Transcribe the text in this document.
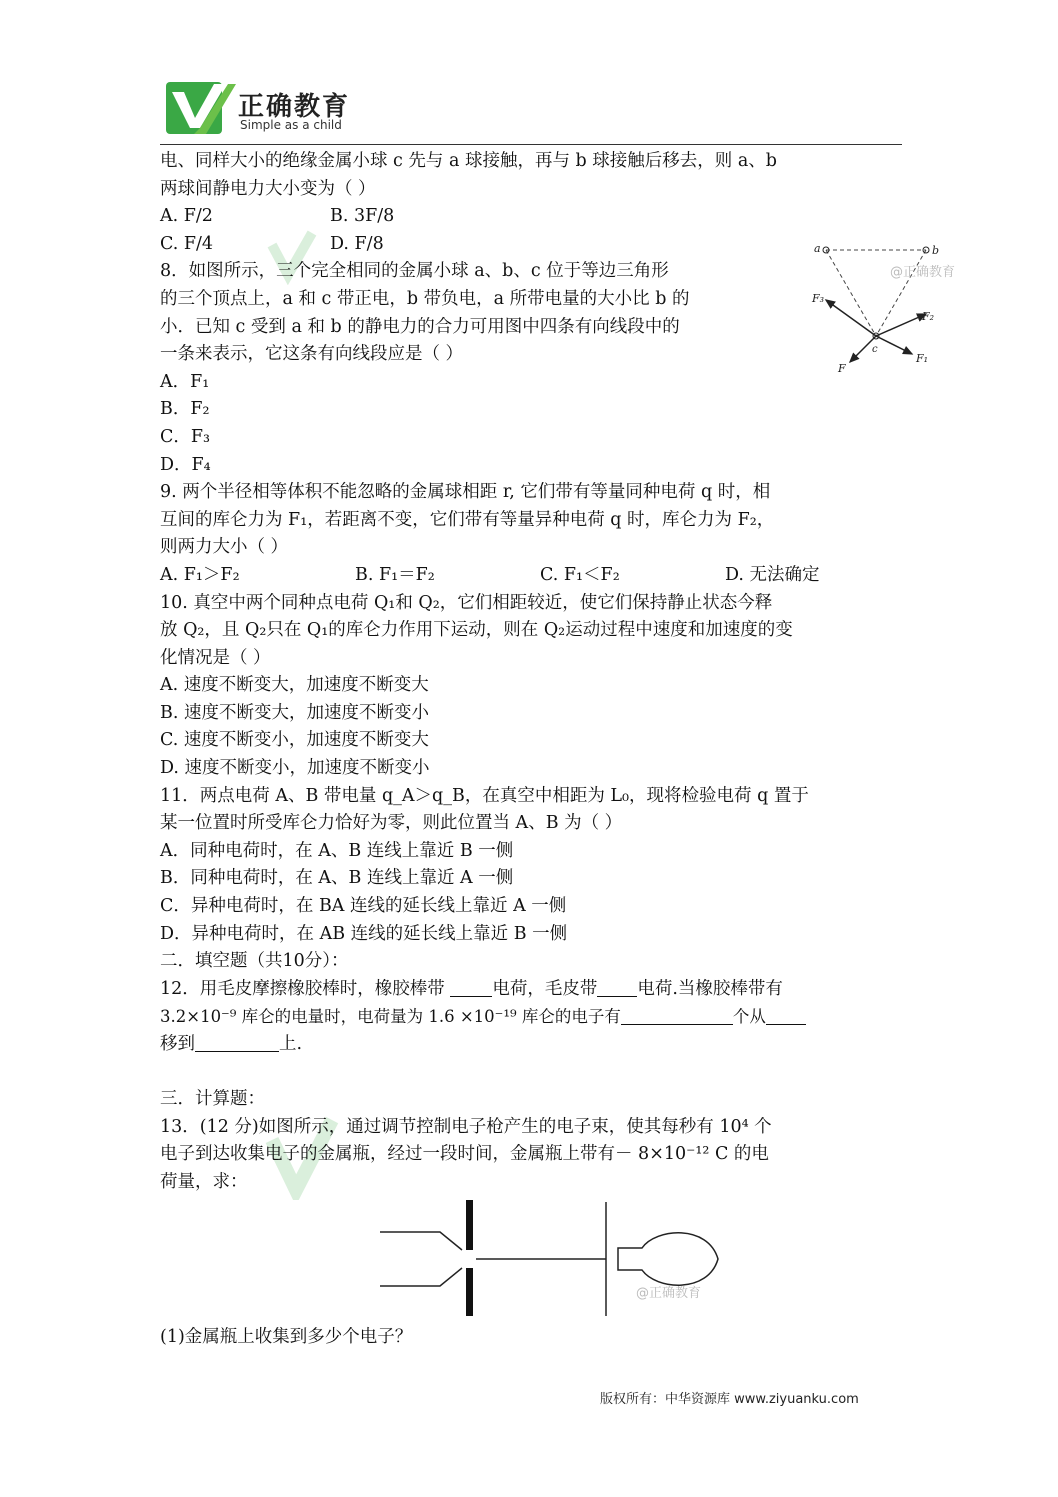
正确教育
Simple as a child

电、同样大小的绝缘金属小球 c 先与 a 球接触，再与 b 球接触后移去，则 a、b

两球间静电力大小变为（ ）

A. F/2	B. 3F/8

C. F/4	D. F/8

8．如图所示，三个完全相同的金属小球 a、b、c 位于等边三角形

的三个顶点上，a 和 c 带正电，b 带负电，a 所带电量的大小比 b 的

小．已知 c 受到 a 和 b 的静电力的合力可用图中四条有向线段中的

一条来表示，它这条有向线段应是（ ）

A．F₁

B．F₂

C．F₃

D．F₄

9. 两个半径相等体积不能忽略的金属球相距 r, 它们带有等量同种电荷 q 时，相

互间的库仑力为 F₁，若距离不变，它们带有等量异种电荷 q 时，库仑力为 F₂，

则两力大小（ ）

A. F₁＞F₂	B. F₁＝F₂	C. F₁＜F₂	D. 无法确定

10. 真空中两个同种点电荷 Q₁和 Q₂，它们相距较近，使它们保持静止状态今释

放 Q₂，且 Q₂只在 Q₁的库仑力作用下运动，则在 Q₂运动过程中速度和加速度的变

化情况是（ ）

A. 速度不断变大，加速度不断变大

B. 速度不断变大，加速度不断变小

C. 速度不断变小，加速度不断变大

D. 速度不断变小，加速度不断变小

11．两点电荷 A、B 带电量 q_A＞q_B，在真空中相距为 L₀，现将检验电荷 q 置于

某一位置时所受库仑力恰好为零，则此位置当 A、B 为（ ）

A．同种电荷时，在 A、B 连线上靠近 B 一侧

B．同种电荷时，在 A、B 连线上靠近 A 一侧

C．异种电荷时，在 BA 连线的延长线上靠近 A 一侧

D．异种电荷时，在 AB 连线的延长线上靠近 B 一侧

二．填空题（共10分）：

12．用毛皮摩擦橡胶棒时，橡胶棒带	电荷，毛皮带 电荷.当橡胶棒带有

3.2×10⁻⁹ 库仑的电量时，电荷量为 1.6 ×10⁻¹⁹ 库仑的电子有	个从

移到	上.

三．计算题：

13．(12 分)如图所示，通过调节控制电子枪产生的电子束，使其每秒有 10⁴ 个

电子到达收集电子的金属瓶，经过一段时间，金属瓶上带有－ 8×10⁻¹² C 的电

荷量，求：

a	b
c
F₁
F₂
F₃
F
@正确教育
@正确教育

(1)金属瓶上收集到多少个电子？

版权所有：中华资源库 www.ziyuanku.com
